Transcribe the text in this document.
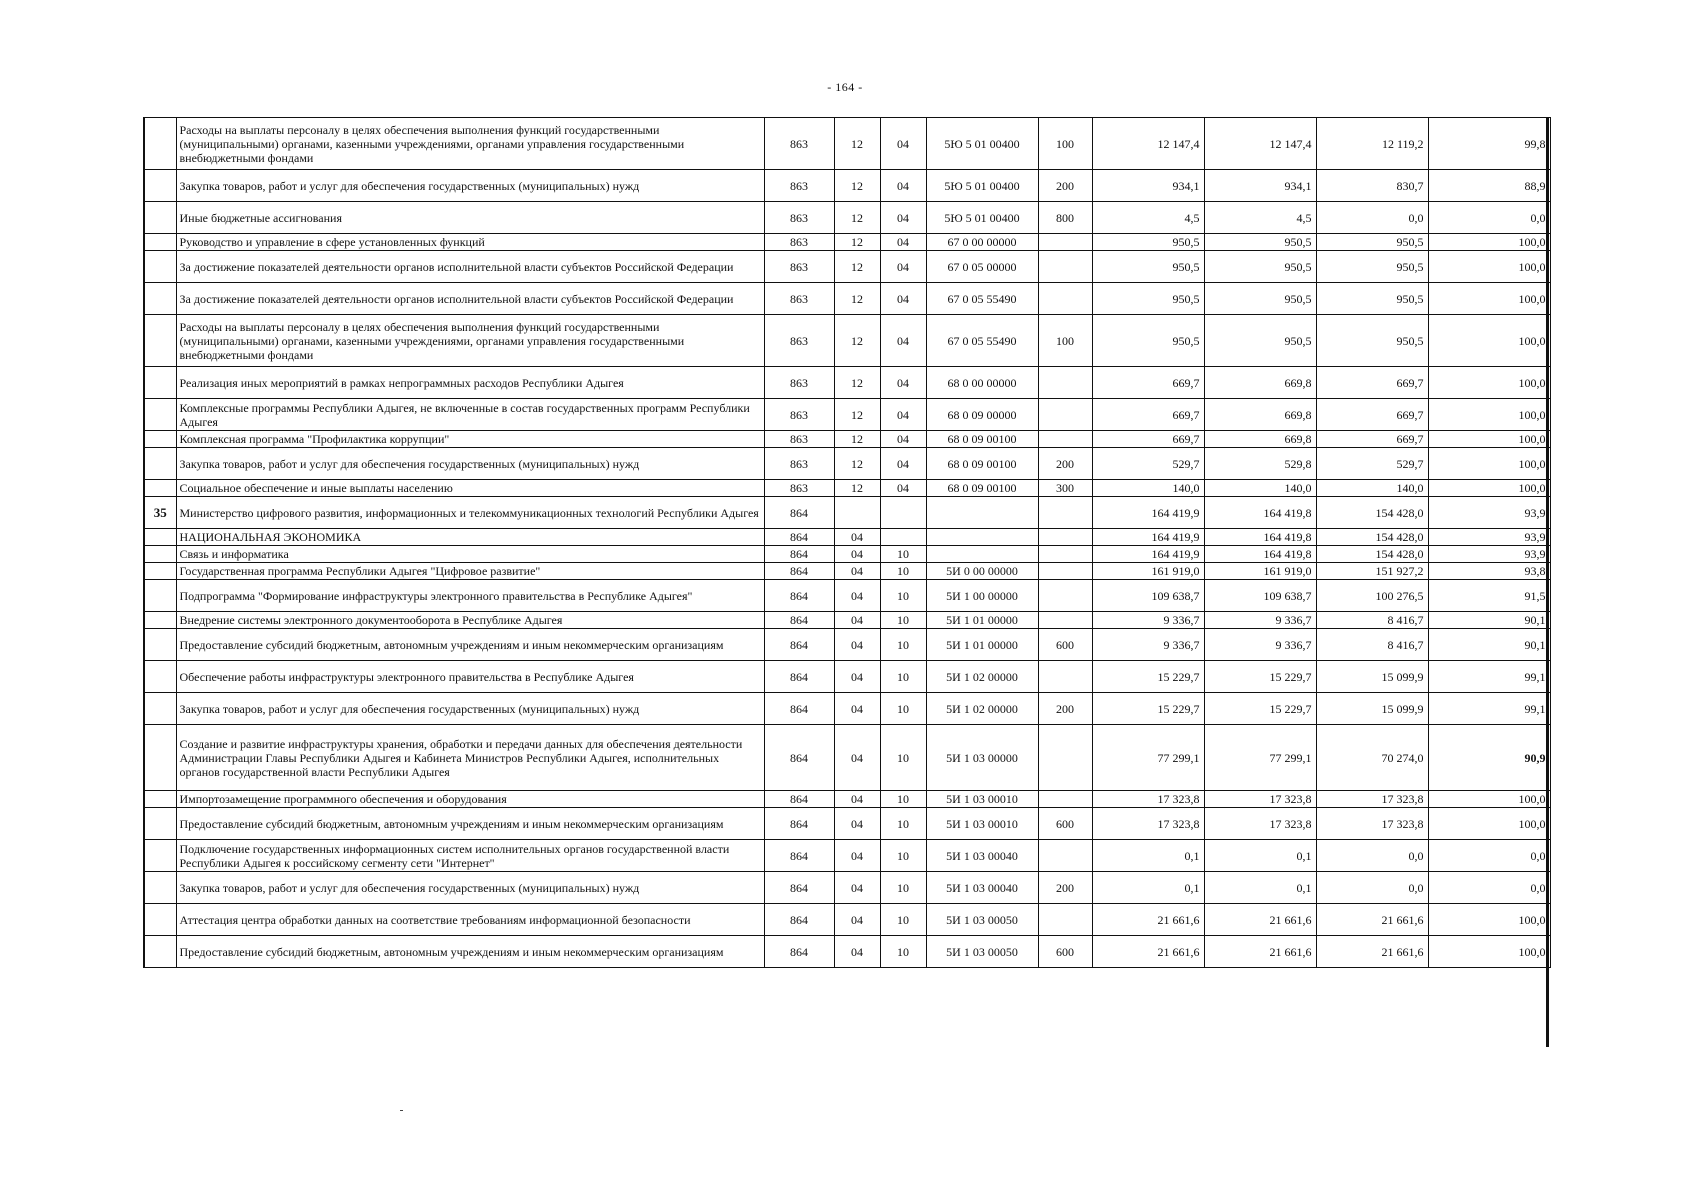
- 164 -
	Расходы на выплаты персоналу в целях обеспечения выполнения функций государственными (муниципальными) органами, казенными учреждениями, органами управления государственными внебюджетными фондами	863	12	04	5Ю 5 01 00400	100	12 147,4	12 147,4	12 119,2	99,8
	Закупка товаров, работ и услуг для обеспечения государственных (муниципальных) нужд	863	12	04	5Ю 5 01 00400	200	934,1	934,1	830,7	88,9
	Иные бюджетные ассигнования	863	12	04	5Ю 5 01 00400	800	4,5	4,5	0,0	0,0
	Руководство и управление в сфере установленных функций	863	12	04	67 0 00 00000		950,5	950,5	950,5	100,0
	За достижение показателей деятельности органов исполнительной власти субъектов Российской Федерации	863	12	04	67 0 05 00000		950,5	950,5	950,5	100,0
	За достижение показателей деятельности органов исполнительной власти субъектов Российской Федерации	863	12	04	67 0 05 55490		950,5	950,5	950,5	100,0
	Расходы на выплаты персоналу в целях обеспечения выполнения функций государственными (муниципальными) органами, казенными учреждениями, органами управления государственными внебюджетными фондами	863	12	04	67 0 05 55490	100	950,5	950,5	950,5	100,0
	Реализация иных мероприятий в рамках непрограммных расходов Республики Адыгея	863	12	04	68 0 00 00000		669,7	669,8	669,7	100,0
	Комплексные программы Республики Адыгея, не включенные в состав государственных программ Республики Адыгея	863	12	04	68 0 09 00000		669,7	669,8	669,7	100,0
	Комплексная программа "Профилактика коррупции"	863	12	04	68 0 09 00100		669,7	669,8	669,7	100,0
	Закупка товаров, работ и услуг для обеспечения государственных (муниципальных) нужд	863	12	04	68 0 09 00100	200	529,7	529,8	529,7	100,0
	Социальное обеспечение и иные выплаты населению	863	12	04	68 0 09 00100	300	140,0	140,0	140,0	100,0
35	Министерство цифрового развития, информационных и телекоммуникационных технологий Республики Адыгея	864					164 419,9	164 419,8	154 428,0	93,9
	НАЦИОНАЛЬНАЯ ЭКОНОМИКА	864	04				164 419,9	164 419,8	154 428,0	93,9
	Связь и информатика	864	04	10			164 419,9	164 419,8	154 428,0	93,9
	Государственная программа Республики Адыгея "Цифровое развитие"	864	04	10	5И 0 00 00000		161 919,0	161 919,0	151 927,2	93,8
	Подпрограмма "Формирование инфраструктуры электронного правительства в Республике Адыгея"	864	04	10	5И 1 00 00000		109 638,7	109 638,7	100 276,5	91,5
	Внедрение системы электронного документооборота в Республике Адыгея	864	04	10	5И 1 01 00000		9 336,7	9 336,7	8 416,7	90,1
	Предоставление субсидий бюджетным, автономным учреждениям и иным некоммерческим организациям	864	04	10	5И 1 01 00000	600	9 336,7	9 336,7	8 416,7	90,1
	Обеспечение работы инфраструктуры электронного правительства в Республике Адыгея	864	04	10	5И 1 02 00000		15 229,7	15 229,7	15 099,9	99,1
	Закупка товаров, работ и услуг для обеспечения государственных (муниципальных) нужд	864	04	10	5И 1 02 00000	200	15 229,7	15 229,7	15 099,9	99,1
	Создание и развитие инфраструктуры хранения, обработки и передачи данных для обеспечения деятельности Администрации Главы Республики Адыгея и Кабинета Министров Республики Адыгея, исполнительных органов государственной власти Республики Адыгея	864	04	10	5И 1 03 00000		77 299,1	77 299,1	70 274,0	90,9
	Импортозамещение программного обеспечения и оборудования	864	04	10	5И 1 03 00010		17 323,8	17 323,8	17 323,8	100,0
	Предоставление субсидий бюджетным, автономным учреждениям и иным некоммерческим организациям	864	04	10	5И 1 03 00010	600	17 323,8	17 323,8	17 323,8	100,0
	Подключение государственных информационных систем исполнительных органов государственной власти Республики Адыгея к российскому сегменту сети "Интернет"	864	04	10	5И 1 03 00040		0,1	0,1	0,0	0,0
	Закупка товаров, работ и услуг для обеспечения государственных (муниципальных) нужд	864	04	10	5И 1 03 00040	200	0,1	0,1	0,0	0,0
	Аттестация центра обработки данных на соответствие требованиям информационной безопасности	864	04	10	5И 1 03 00050		21 661,6	21 661,6	21 661,6	100,0
	Предоставление субсидий бюджетным, автономным учреждениям и иным некоммерческим организациям	864	04	10	5И 1 03 00050	600	21 661,6	21 661,6	21 661,6	100,0
